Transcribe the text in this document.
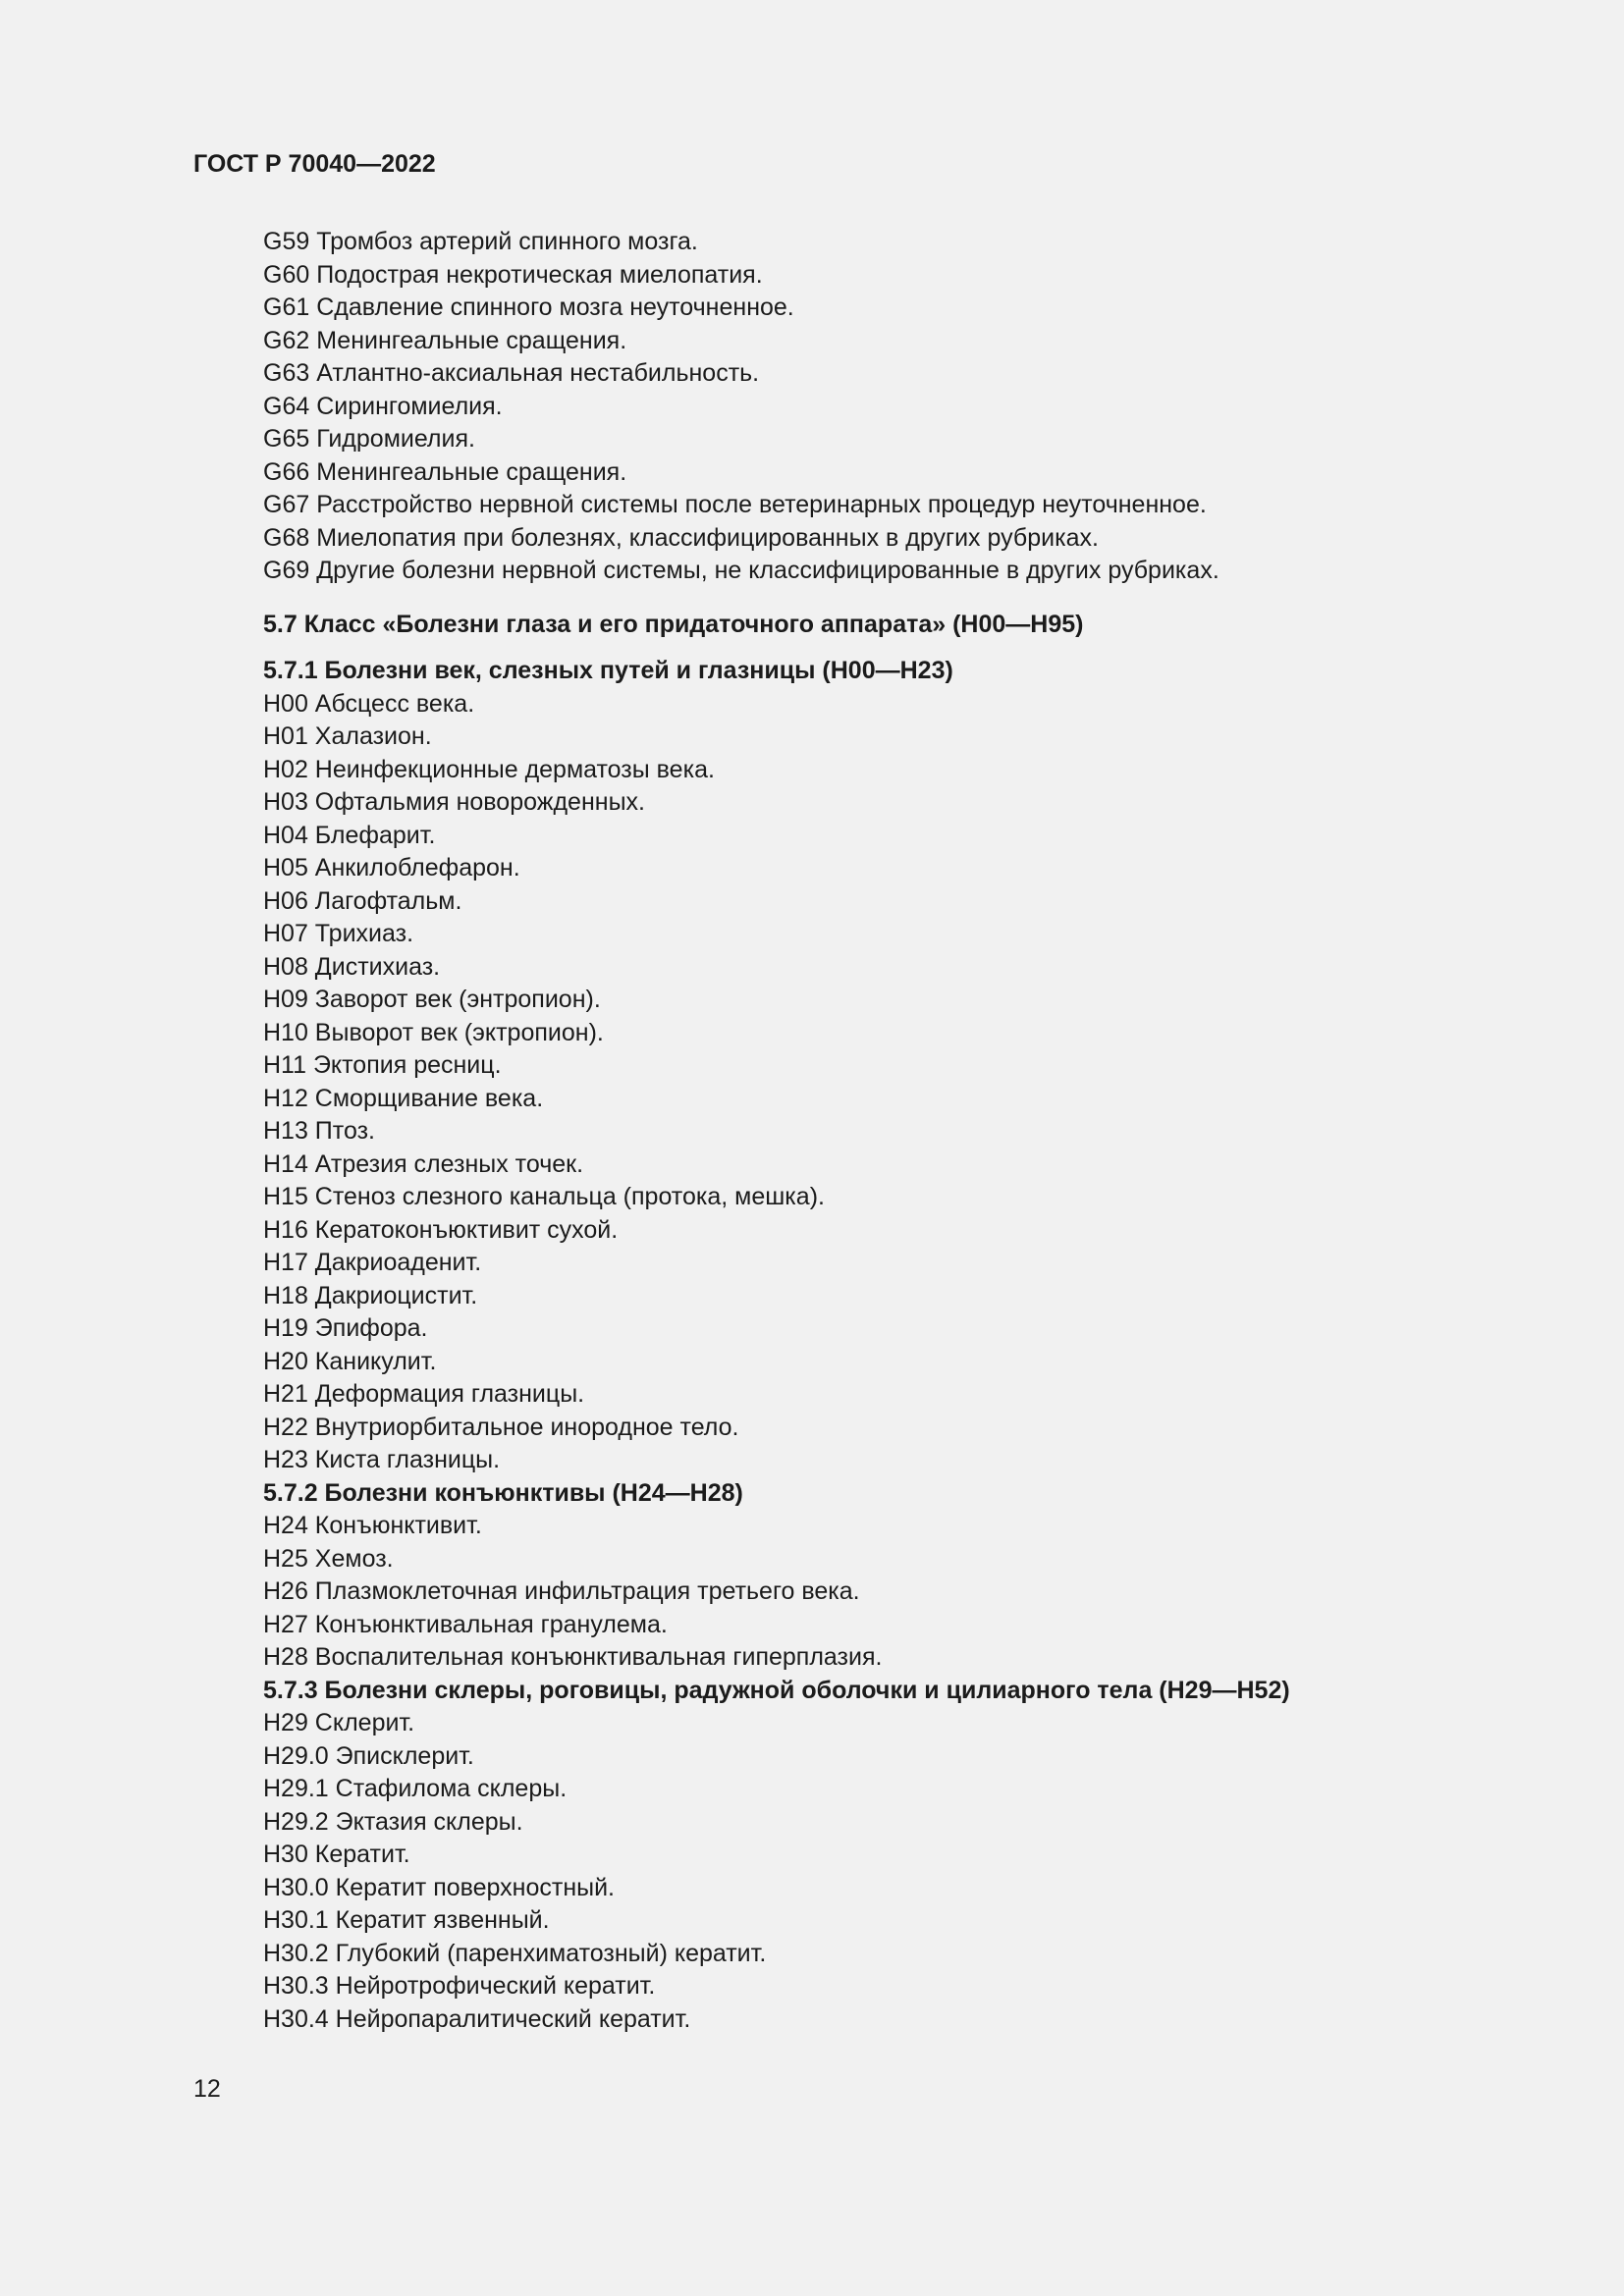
ГОСТ Р 70040—2022
G59 Тромбоз артерий спинного мозга.
G60 Подострая некротическая миелопатия.
G61 Сдавление спинного мозга неуточненное.
G62 Менингеальные сращения.
G63 Атлантно-аксиальная нестабильность.
G64 Сирингомиелия.
G65 Гидромиелия.
G66 Менингеальные сращения.
G67 Расстройство нервной системы после ветеринарных процедур неуточненное.
G68 Миелопатия при болезнях, классифицированных в других рубриках.
G69 Другие болезни нервной системы, не классифицированные в других рубриках.
5.7 Класс «Болезни глаза и его придаточного аппарата» (H00—H95)
5.7.1 Болезни век, слезных путей и глазницы (H00—H23)
H00 Абсцесс века.
H01 Халазион.
H02 Неинфекционные дерматозы века.
H03 Офтальмия новорожденных.
H04 Блефарит.
H05 Анкилоблефарон.
H06 Лагофтальм.
H07 Трихиаз.
H08 Дистихиаз.
H09 Заворот век (энтропион).
H10 Выворот век (эктропион).
H11 Эктопия ресниц.
H12 Сморщивание века.
H13 Птоз.
H14 Атрезия слезных точек.
H15 Стеноз слезного канальца (протока, мешка).
H16 Кератоконъюктивит сухой.
H17 Дакриоаденит.
H18 Дакриоцистит.
H19 Эпифора.
H20 Каникулит.
H21 Деформация глазницы.
H22 Внутриорбитальное инородное тело.
H23 Киста глазницы.
5.7.2 Болезни конъюнктивы (H24—H28)
H24 Конъюнктивит.
H25 Хемоз.
H26 Плазмоклеточная инфильтрация третьего века.
H27 Конъюнктивальная гранулема.
H28 Воспалительная конъюнктивальная гиперплазия.
5.7.3 Болезни склеры, роговицы, радужной оболочки и цилиарного тела (H29—H52)
H29 Склерит.
H29.0 Эписклерит.
H29.1 Стафилома склеры.
H29.2 Эктазия склеры.
H30 Кератит.
H30.0 Кератит поверхностный.
H30.1 Кератит язвенный.
H30.2 Глубокий (паренхиматозный) кератит.
H30.3 Нейротрофический кератит.
H30.4 Нейропаралитический кератит.
12
